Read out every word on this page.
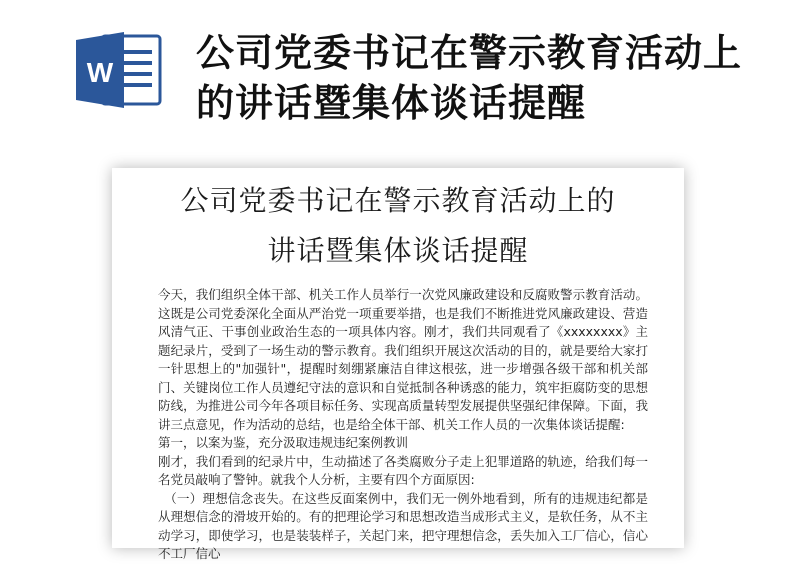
W 公司党委书记在警示教育活动上的讲话暨集体谈话提醒
公司党委书记在警示教育活动上的
讲话暨集体谈话提醒

今天，我们组织全体干部、机关工作人员举行一次党风廉政建设和反腐败警示教育活动。这既是公司党委深化全面从严治党一项重要举措，也是我们不断推进党风廉政建设、营造风清气正、干事创业政治生态的一项具体内容。刚才，我们共同观看了《xxxxxxxx》主题纪录片，受到了一场生动的警示教育。我们组织开展这次活动的目的，就是要给大家打一针思想上的"加强针"，提醒时刻绷紧廉洁自律这根弦，进一步增强各级干部和机关部门、关键岗位工作人员遵纪守法的意识和自觉抵制各种诱惑的能力，筑牢拒腐防变的思想防线，为推进公司今年各项目标任务、实现高质量转型发展提供坚强纪律保障。下面，我讲三点意见，作为活动的总结，也是给全体干部、机关工作人员的一次集体谈话提醒:

第一，以案为鉴，充分汲取违规违纪案例教训

刚才，我们看到的纪录片中，生动描述了各类腐败分子走上犯罪道路的轨迹，给我们每一名党员敲响了警钟。就我个人分析，主要有四个方面原因:

（一）理想信念丧失。在这些反面案例中，我们无一例外地看到，所有的违规违纪都是从理想信念的滑坡开始的。有的把理论学习和思想改造当成形式主义，是软任务，从不主动学习，即使学习，也是装装样子，关起门来，把守理想信念，丢失加入工厂信心，信心不工厂信心
